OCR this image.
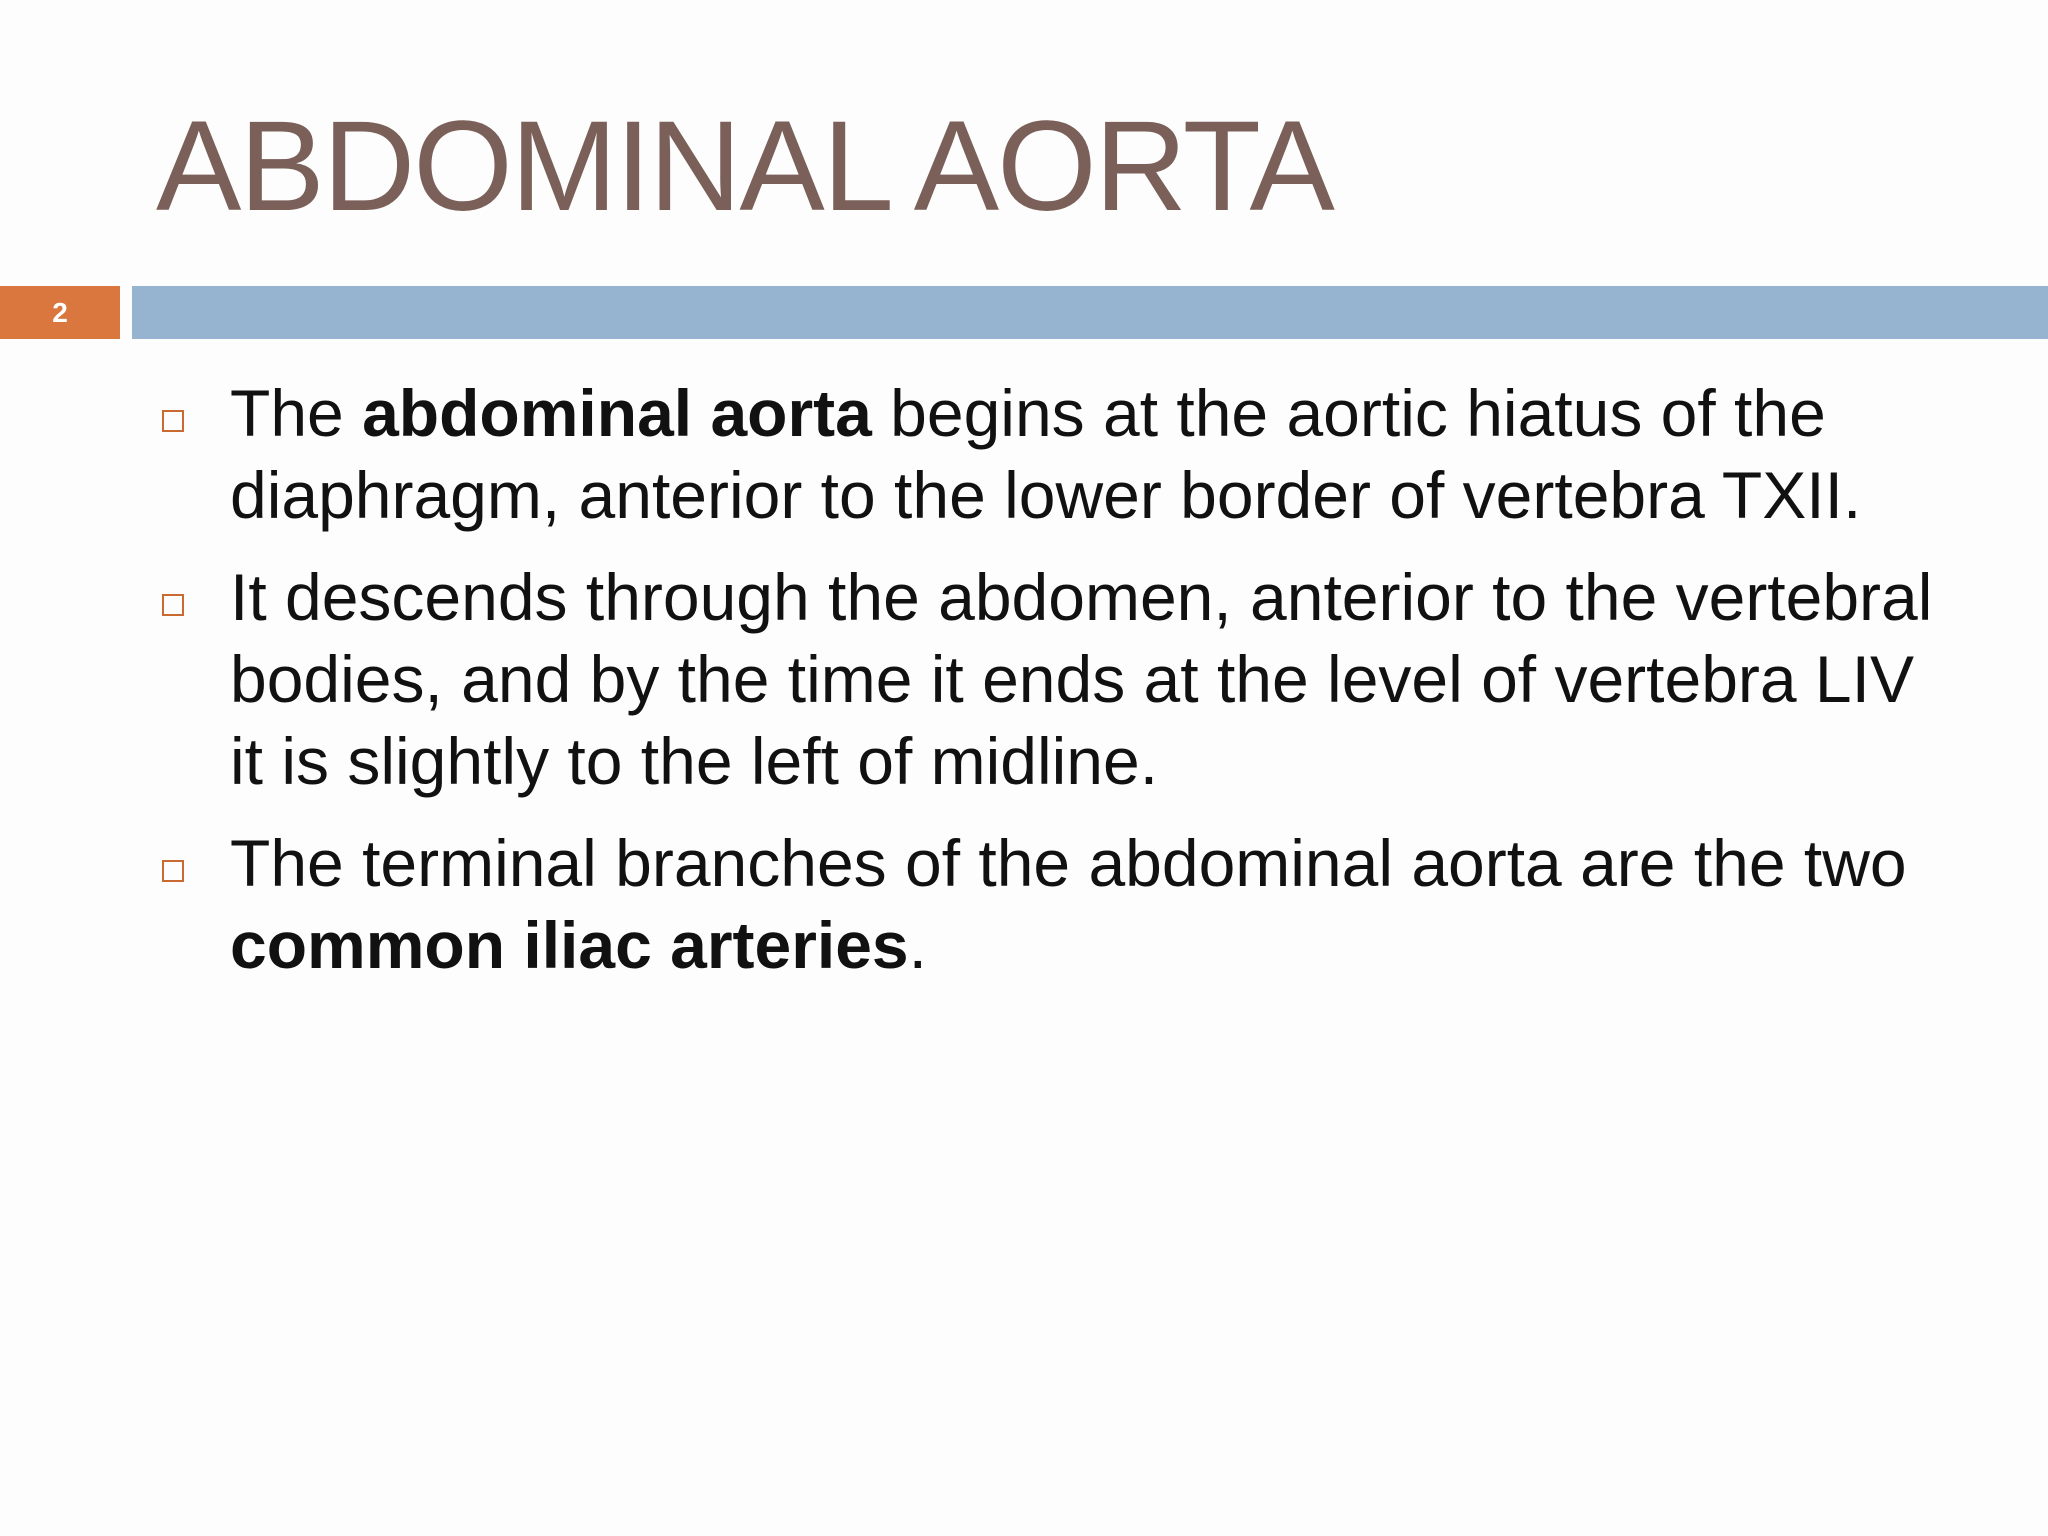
ABDOMINAL AORTA
2
The abdominal aorta begins at the aortic hiatus of the diaphragm, anterior to the lower border of vertebra TXII.
It descends through the abdomen, anterior to the vertebral bodies, and by the time it ends at the level of vertebra LIV it is slightly to the left of midline.
The terminal branches of the abdominal aorta are the two common iliac arteries.
